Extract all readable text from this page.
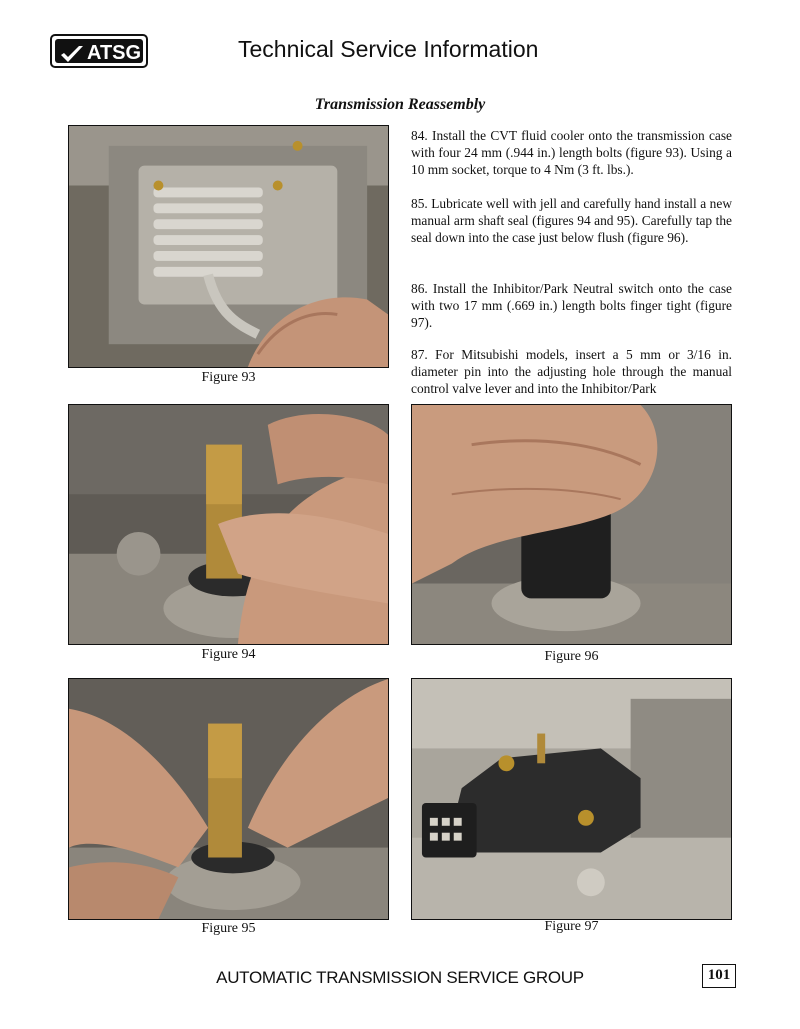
ATSG	Technical Service Information
Transmission Reassembly
84. Install the CVT fluid cooler onto the transmission case with four 24 mm (.944 in.) length bolts (figure 93). Using a 10 mm socket, torque to 4 Nm (3 ft. lbs.).
85. Lubricate well with jell and carefully hand install a new manual arm shaft seal (figures 94 and 95). Carefully tap the seal down into the case just below flush (figure 96).
86. Install the Inhibitor/Park Neutral switch onto the case with two 17 mm (.669 in.) length bolts finger tight (figure 97).
87. For Mitsubishi models, insert a 5 mm or 3/16 in. diameter pin into the adjusting hole through the manual control valve lever and into the Inhibitor/Park
Figure 93
Figure 94	Figure 96
Figure 95	Figure 97
AUTOMATIC TRANSMISSION SERVICE GROUP	101
